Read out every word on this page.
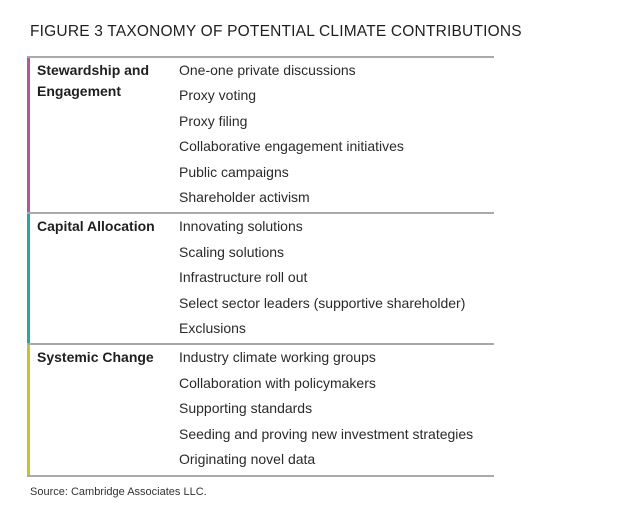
FIGURE 3 TAXONOMY OF POTENTIAL CLIMATE CONTRIBUTIONS
Stewardship and Engagement
One-one private discussions
Proxy voting
Proxy filing
Collaborative engagement initiatives
Public campaigns
Shareholder activism
Capital Allocation	Innovating solutions
Scaling solutions
Infrastructure roll out
Select sector leaders (supportive shareholder)
Exclusions
Systemic Change	Industry climate working groups
Collaboration with policymakers
Supporting standards
Seeding and proving new investment strategies
Originating novel data
Source: Cambridge Associates LLC.
